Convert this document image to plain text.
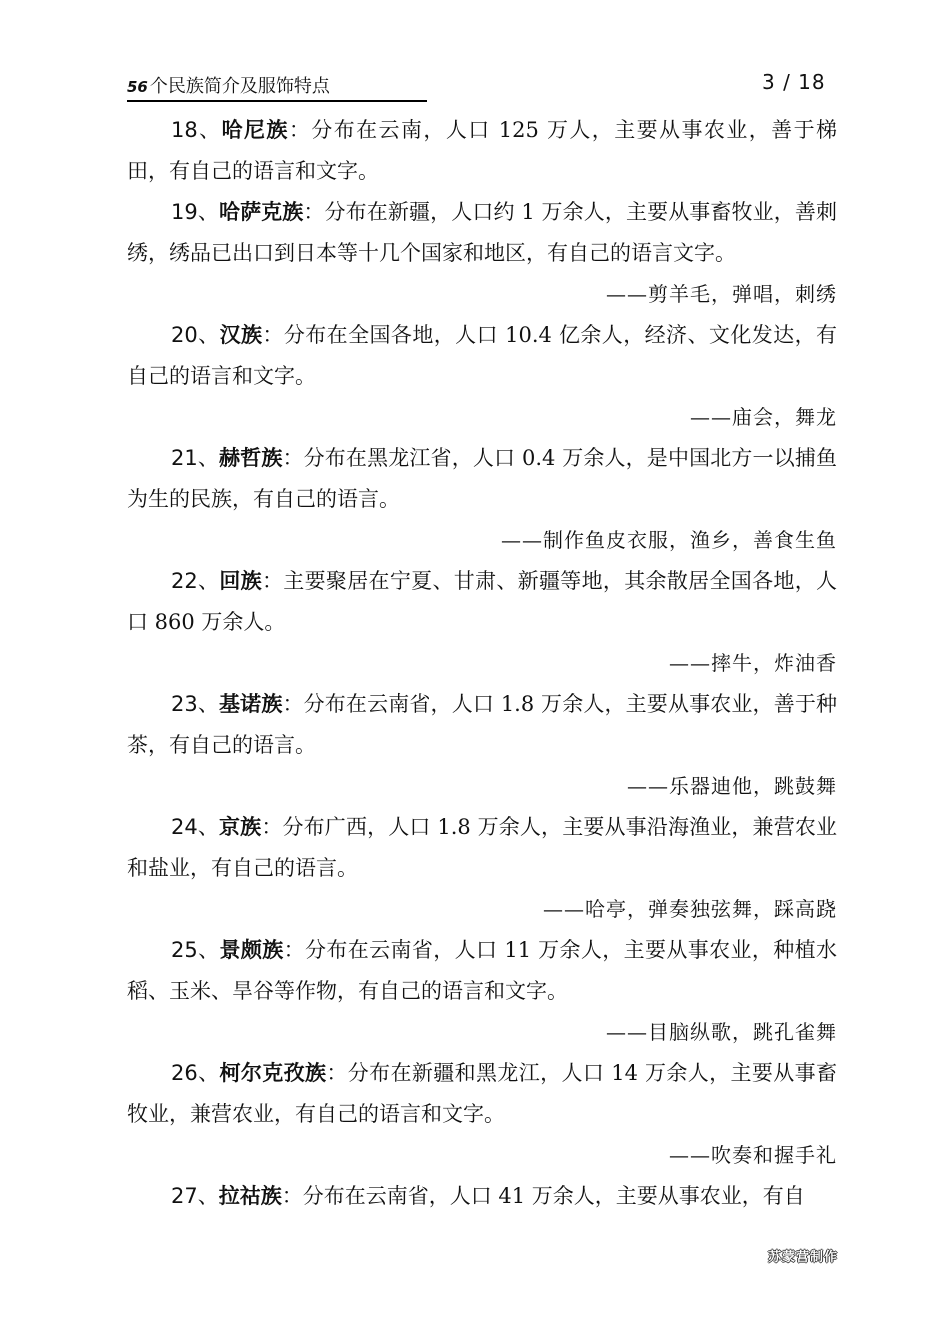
56 个民族简介及服饰特点	3 / 18

18、哈尼族：分布在云南，人口 125 万人，主要从事农业，善于梯田，有自己的语言和文字。

19、哈萨克族：分布在新疆，人口约 1 万余人，主要从事畜牧业，善刺绣，绣品已出口到日本等十几个国家和地区，有自己的语言文字。

——剪羊毛，弹唱，刺绣

20、汉族：分布在全国各地，人口 10.4 亿余人，经济、文化发达，有自己的语言和文字。

——庙会，舞龙

21、赫哲族：分布在黑龙江省，人口 0.4 万余人，是中国北方一以捕鱼为生的民族，有自己的语言。

——制作鱼皮衣服，渔乡，善食生鱼

22、回族：主要聚居在宁夏、甘肃、新疆等地，其余散居全国各地，人口 860 万余人。

——摔牛，炸油香

23、基诺族：分布在云南省，人口 1.8 万余人，主要从事农业，善于种茶，有自己的语言。

——乐器迪他，跳鼓舞

24、京族：分布广西，人口 1.8 万余人，主要从事沿海渔业，兼营农业和盐业，有自己的语言。

——哈亭，弹奏独弦舞，踩高跷

25、景颇族：分布在云南省，人口 11 万余人，主要从事农业，种植水稻、玉米、旱谷等作物，有自己的语言和文字。

——目脑纵歌，跳孔雀舞

26、柯尔克孜族：分布在新疆和黑龙江，人口 14 万余人，主要从事畜牧业，兼营农业，有自己的语言和文字。

——吹奏和握手礼

27、拉祜族：分布在云南省，人口 41 万余人，主要从事农业，有自

苏蒙营制作
